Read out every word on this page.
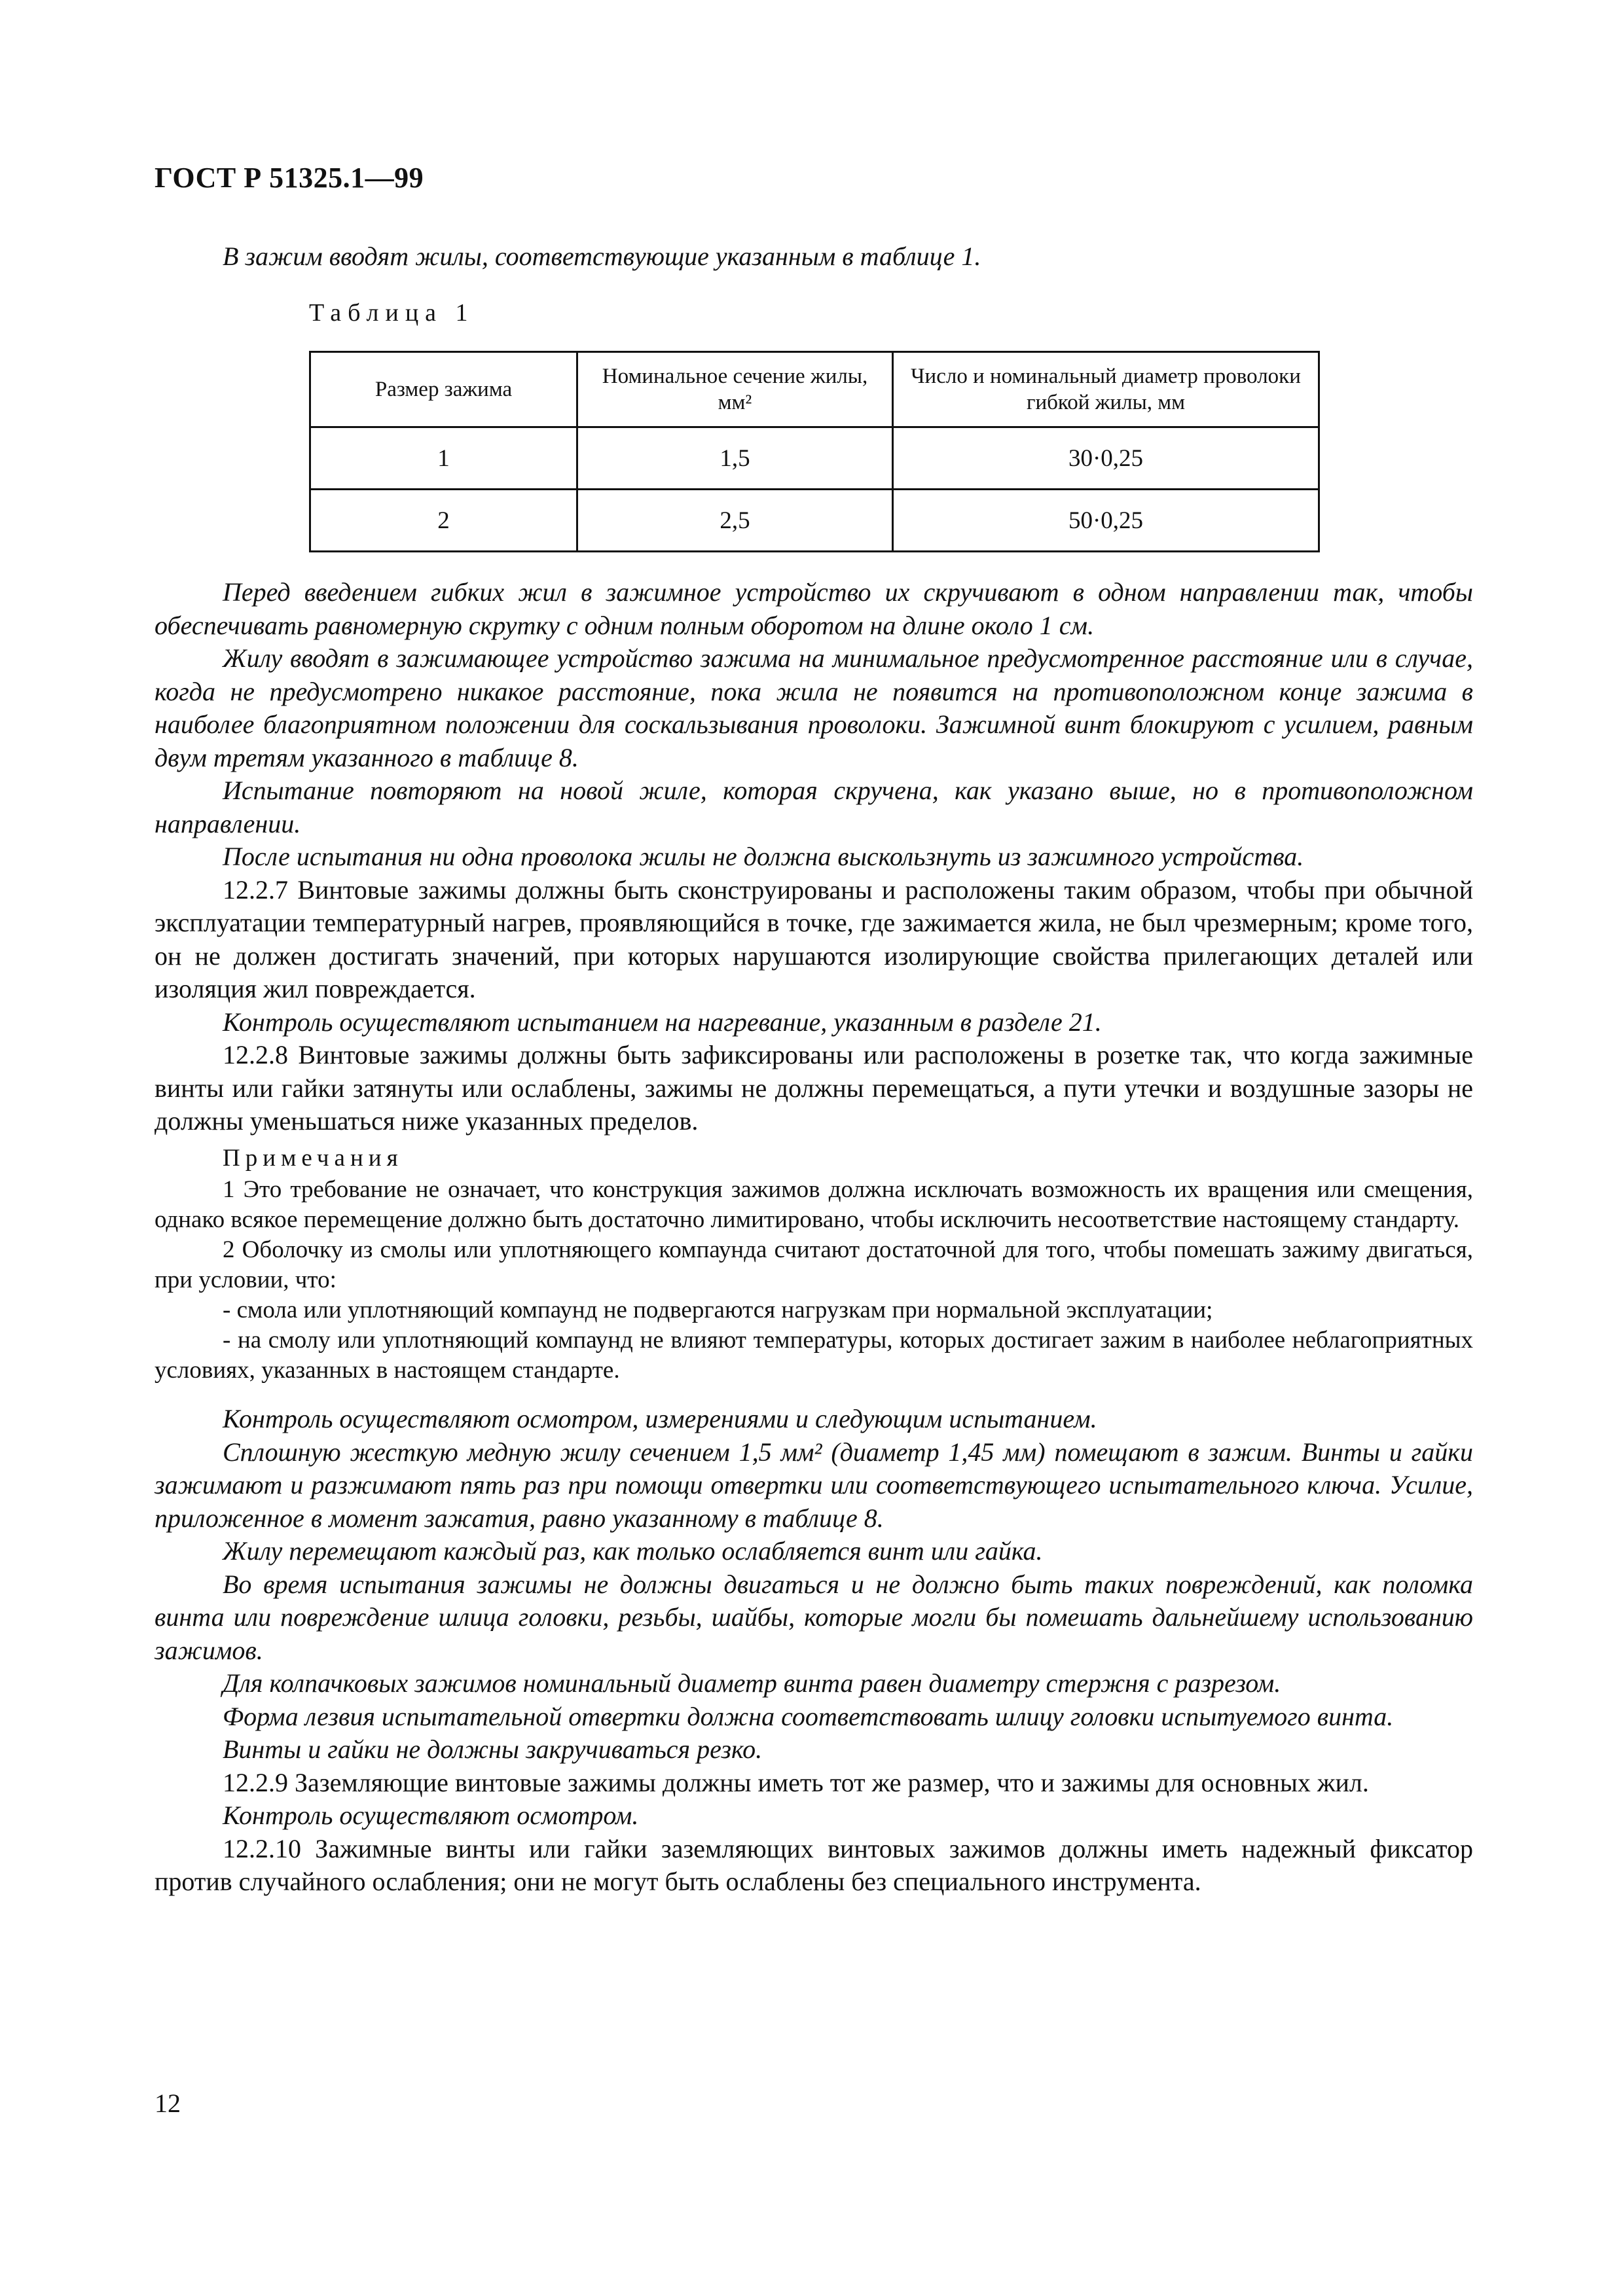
ГОСТ Р 51325.1—99
В зажим вводят жилы, соответствующие указанным в таблице 1.
Таблица 1
Размер зажима	Номинальное сечение жилы, мм²	Число и номинальный диаметр проволоки гибкой жилы, мм
1	1,5	30·0,25
2	2,5	50·0,25

Перед введением гибких жил в зажимное устройство их скручивают в одном направлении так, чтобы обеспечивать равномерную скрутку с одним полным оборотом на длине около 1 см.

Жилу вводят в зажимающее устройство зажима на минимальное предусмотренное расстояние или в случае, когда не предусмотрено никакое расстояние, пока жила не появится на противоположном конце зажима в наиболее благоприятном положении для соскальзывания проволоки. Зажимной винт блокируют с усилием, равным двум третям указанного в таблице 8.

Испытание повторяют на новой жиле, которая скручена, как указано выше, но в противоположном направлении.

После испытания ни одна проволока жилы не должна выскользнуть из зажимного устройства.

12.2.7 Винтовые зажимы должны быть сконструированы и расположены таким образом, чтобы при обычной эксплуатации температурный нагрев, проявляющийся в точке, где зажимается жила, не был чрезмерным; кроме того, он не должен достигать значений, при которых нарушаются изолирующие свойства прилегающих деталей или изоляция жил повреждается.

Контроль осуществляют испытанием на нагревание, указанным в разделе 21.

12.2.8 Винтовые зажимы должны быть зафиксированы или расположены в розетке так, что когда зажимные винты или гайки затянуты или ослаблены, зажимы не должны перемещаться, а пути утечки и воздушные зазоры не должны уменьшаться ниже указанных пределов.

Примечания

1 Это требование не означает, что конструкция зажимов должна исключать возможность их вращения или смещения, однако всякое перемещение должно быть достаточно лимитировано, чтобы исключить несоответствие настоящему стандарту.

2 Оболочку из смолы или уплотняющего компаунда считают достаточной для того, чтобы помешать зажиму двигаться, при условии, что:

- смола или уплотняющий компаунд не подвергаются нагрузкам при нормальной эксплуатации;

- на смолу или уплотняющий компаунд не влияют температуры, которых достигает зажим в наиболее неблагоприятных условиях, указанных в настоящем стандарте.

Контроль осуществляют осмотром, измерениями и следующим испытанием.

Сплошную жесткую медную жилу сечением 1,5 мм² (диаметр 1,45 мм) помещают в зажим. Винты и гайки зажимают и разжимают пять раз при помощи отвертки или соответствующего испытательного ключа. Усилие, приложенное в момент зажатия, равно указанному в таблице 8.

Жилу перемещают каждый раз, как только ослабляется винт или гайка.

Во время испытания зажимы не должны двигаться и не должно быть таких повреждений, как поломка винта или повреждение шлица головки, резьбы, шайбы, которые могли бы помешать дальнейшему использованию зажимов.

Для колпачковых зажимов номинальный диаметр винта равен диаметру стержня с разрезом.

Форма лезвия испытательной отвертки должна соответствовать шлицу головки испытуемого винта.

Винты и гайки не должны закручиваться резко.

12.2.9 Заземляющие винтовые зажимы должны иметь тот же размер, что и зажимы для основных жил.

Контроль осуществляют осмотром.

12.2.10 Зажимные винты или гайки заземляющих винтовых зажимов должны иметь надежный фиксатор против случайного ослабления; они не могут быть ослаблены без специального инструмента.

12
